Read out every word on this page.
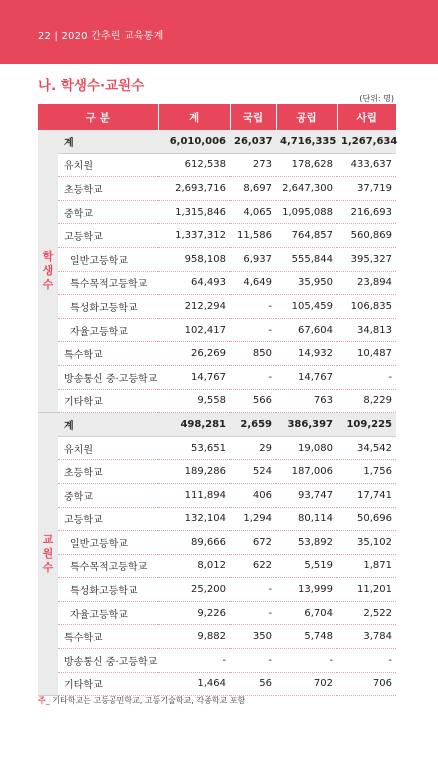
22 | 2020 간추린 교육통계
나. 학생수·교원수
(단위: 명)
구 분		계	국립	공립	사립

학
생
수	계	6,010,006	26,037	4,716,335	1,267,634
	유치원	612,538	273	178,628	433,637
	초등학교	2,693,716	8,697	2,647,300	37,719
	중학교	1,315,846	4,065	1,095,088	216,693
	고등학교	1,337,312	11,586	764,857	560,869
	일반고등학교	958,108	6,937	555,844	395,327
	특수목적고등학교	64,493	4,649	35,950	23,894
	특성화고등학교	212,294	-	105,459	106,835
	자율고등학교	102,417	-	67,604	34,813
	특수학교	26,269	850	14,932	10,487
	방송통신 중·고등학교	14,767	-	14,767	-
	기타학교	9,558	566	763	8,229

교
원
수	계	498,281	2,659	386,397	109,225
	유치원	53,651	29	19,080	34,542
	초등학교	189,286	524	187,006	1,756
	중학교	111,894	406	93,747	17,741
	고등학교	132,104	1,294	80,114	50,696
	일반고등학교	89,666	672	53,892	35,102
	특수목적고등학교	8,012	622	5,519	1,871
	특성화고등학교	25,200	-	13,999	11,201
	자율고등학교	9,226	-	6,704	2,522
	특수학교	9,882	350	5,748	3,784
	방송통신 중·고등학교	-	-	-	-
	기타학교	1,464	56	702	706
주_ 기타학교는 고등공민학교, 고등기술학교, 각종학교 포함
